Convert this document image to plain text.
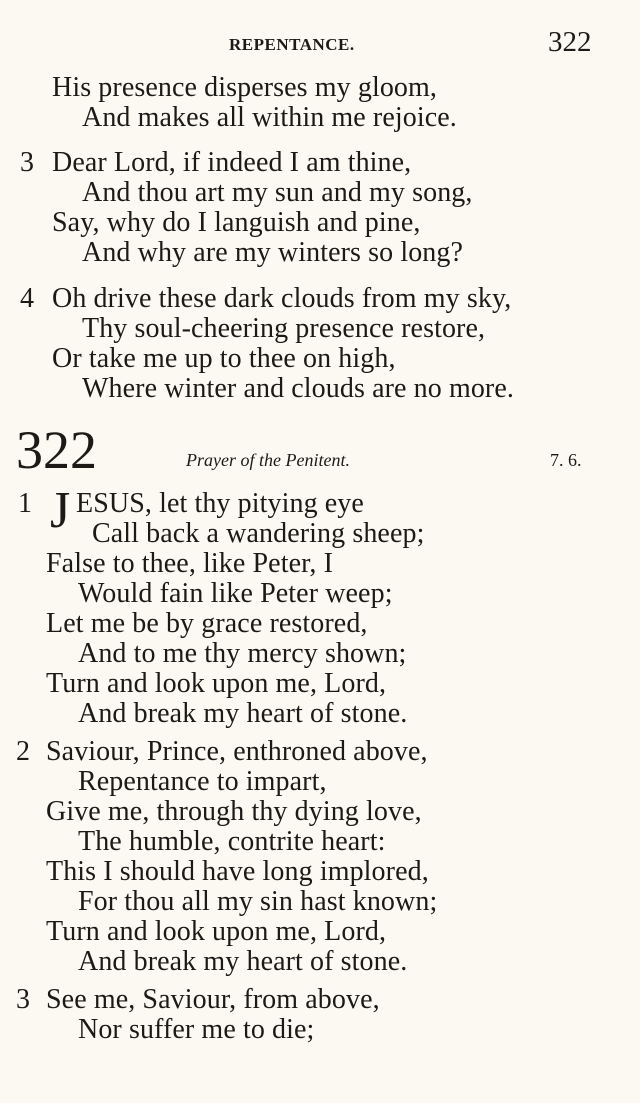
REPENTANCE.	322
His presence disperses my gloom,
And makes all within me rejoice.
3 Dear Lord, if indeed I am thine,
And thou art my sun and my song,
Say, why do I languish and pine,
And why are my winters so long?
4 Oh drive these dark clouds from my sky,
Thy soul-cheering presence restore,
Or take me up to thee on high,
Where winter and clouds are no more.
322	Prayer of the Penitent.	7. 6.
1 J ESUS, let thy pitying eye
Call back a wandering sheep;
False to thee, like Peter, I
Would fain like Peter weep;
Let me be by grace restored,
And to me thy mercy shown;
Turn and look upon me, Lord,
And break my heart of stone.
2 Saviour, Prince, enthroned above,
Repentance to impart,
Give me, through thy dying love,
The humble, contrite heart:
This I should have long implored,
For thou all my sin hast known;
Turn and look upon me, Lord,
And break my heart of stone.
3 See me, Saviour, from above,
Nor suffer me to die;
